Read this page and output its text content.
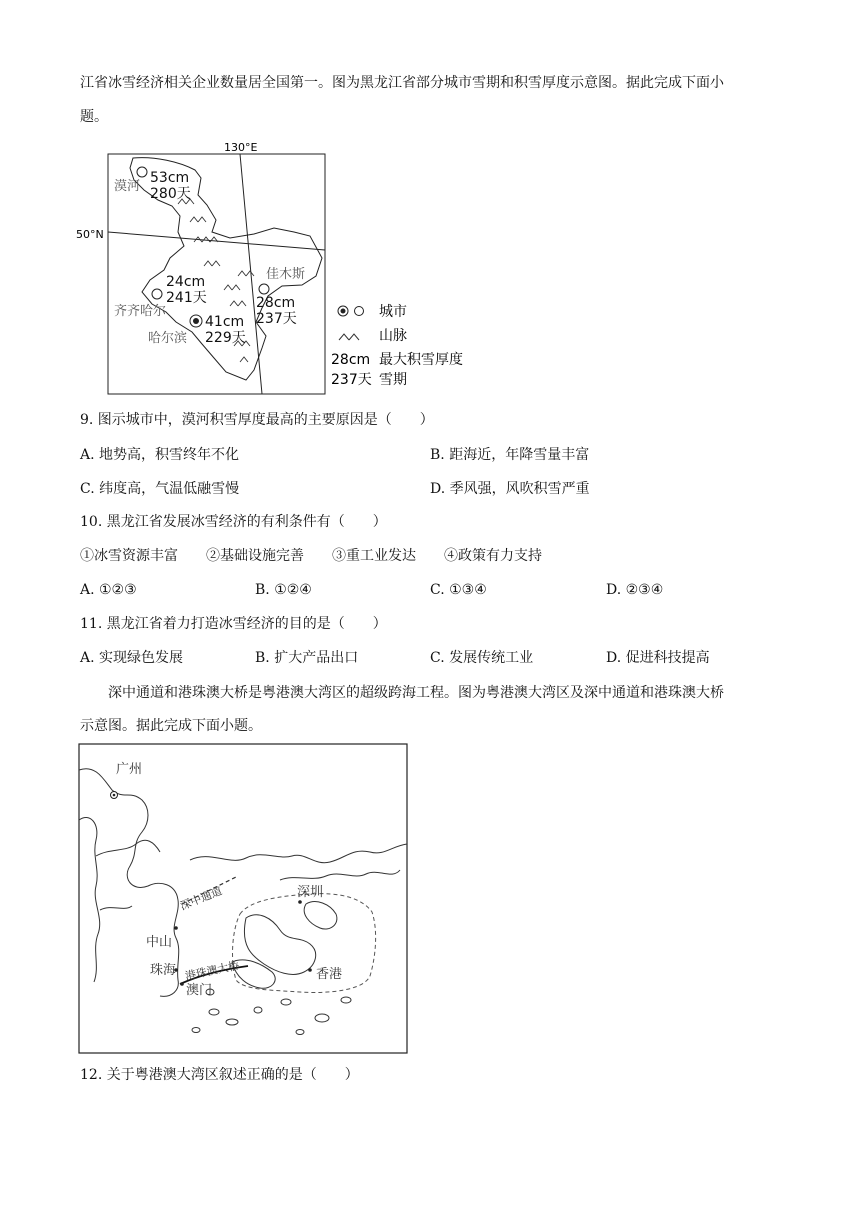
江省冰雪经济相关企业数量居全国第一。图为黑龙江省部分城市雪期和积雪厚度示意图。据此完成下面小
题。
130°E
50°N
53cm
280天
漠河
24cm
241天
齐齐哈尔
41cm
229天
哈尔滨
佳木斯
28cm
237天	城市
山脉
28cm 最大积雪厚度
237天 雪期
9. 图示城市中，漠河积雪厚度最高的主要原因是（　　）
A. 地势高，积雪终年不化	B. 距海近，年降雪量丰富
C. 纬度高，气温低融雪慢	D. 季风强，风吹积雪严重
10. 黑龙江省发展冰雪经济的有利条件有（　　）
①冰雪资源丰富　　②基础设施完善　　③重工业发达　　④政策有力支持
A. ①②③	B. ①②④	C. ①③④	D. ②③④
11. 黑龙江省着力打造冰雪经济的目的是（　　）
A. 实现绿色发展	B. 扩大产品出口	C. 发展传统工业	D. 促进科技提高
深中通道和港珠澳大桥是粤港澳大湾区的超级跨海工程。图为粤港澳大湾区及深中通道和港珠澳大桥
示意图。据此完成下面小题。
广州
深中通道	深圳
中山
珠海 港珠澳大桥
澳门
香港
12. 关于粤港澳大湾区叙述正确的是（　　）
